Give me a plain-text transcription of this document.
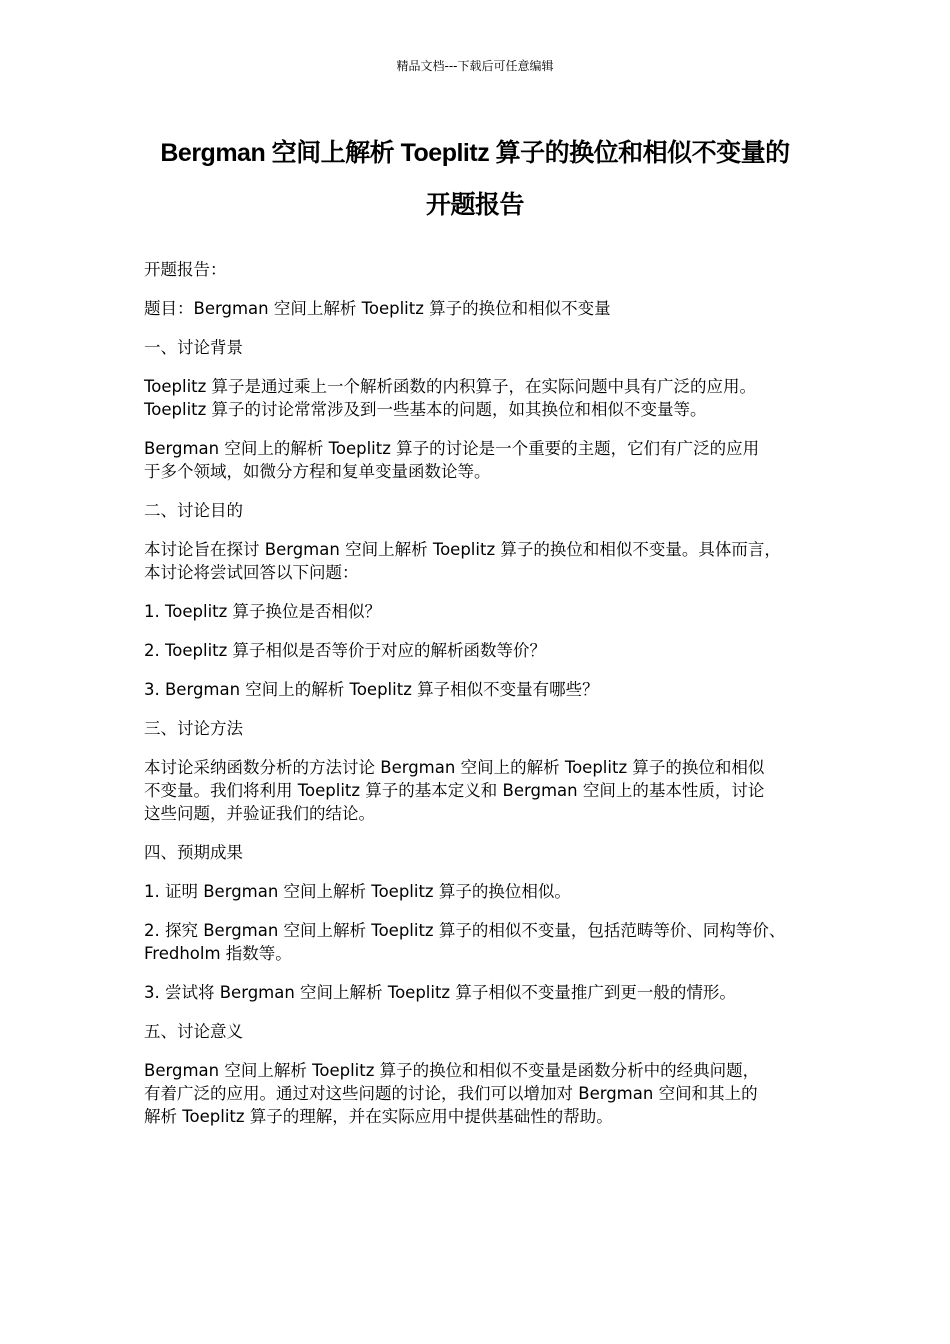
精品文档---下载后可任意编辑
Bergman 空间上解析 Toeplitz 算子的换位和相似不变量的
开题报告
开题报告：
题目：Bergman 空间上解析 Toeplitz 算子的换位和相似不变量
一、讨论背景
Toeplitz 算子是通过乘上一个解析函数的内积算子，在实际问题中具有广泛的应用。
Toeplitz 算子的讨论常常涉及到一些基本的问题，如其换位和相似不变量等。
Bergman 空间上的解析 Toeplitz 算子的讨论是一个重要的主题，它们有广泛的应用
于多个领域，如微分方程和复单变量函数论等。
二、讨论目的
本讨论旨在探讨 Bergman 空间上解析 Toeplitz 算子的换位和相似不变量。具体而言，
本讨论将尝试回答以下问题：
1. Toeplitz 算子换位是否相似？
2. Toeplitz 算子相似是否等价于对应的解析函数等价？
3. Bergman 空间上的解析 Toeplitz 算子相似不变量有哪些？
三、讨论方法
本讨论采纳函数分析的方法讨论 Bergman 空间上的解析 Toeplitz 算子的换位和相似
不变量。我们将利用 Toeplitz 算子的基本定义和 Bergman 空间上的基本性质，讨论
这些问题，并验证我们的结论。
四、预期成果
1. 证明 Bergman 空间上解析 Toeplitz 算子的换位相似。
2. 探究 Bergman 空间上解析 Toeplitz 算子的相似不变量，包括范畴等价、同构等价、
Fredholm 指数等。
3. 尝试将 Bergman 空间上解析 Toeplitz 算子相似不变量推广到更一般的情形。
五、讨论意义
Bergman 空间上解析 Toeplitz 算子的换位和相似不变量是函数分析中的经典问题，
有着广泛的应用。通过对这些问题的讨论，我们可以增加对 Bergman 空间和其上的
解析 Toeplitz 算子的理解，并在实际应用中提供基础性的帮助。
